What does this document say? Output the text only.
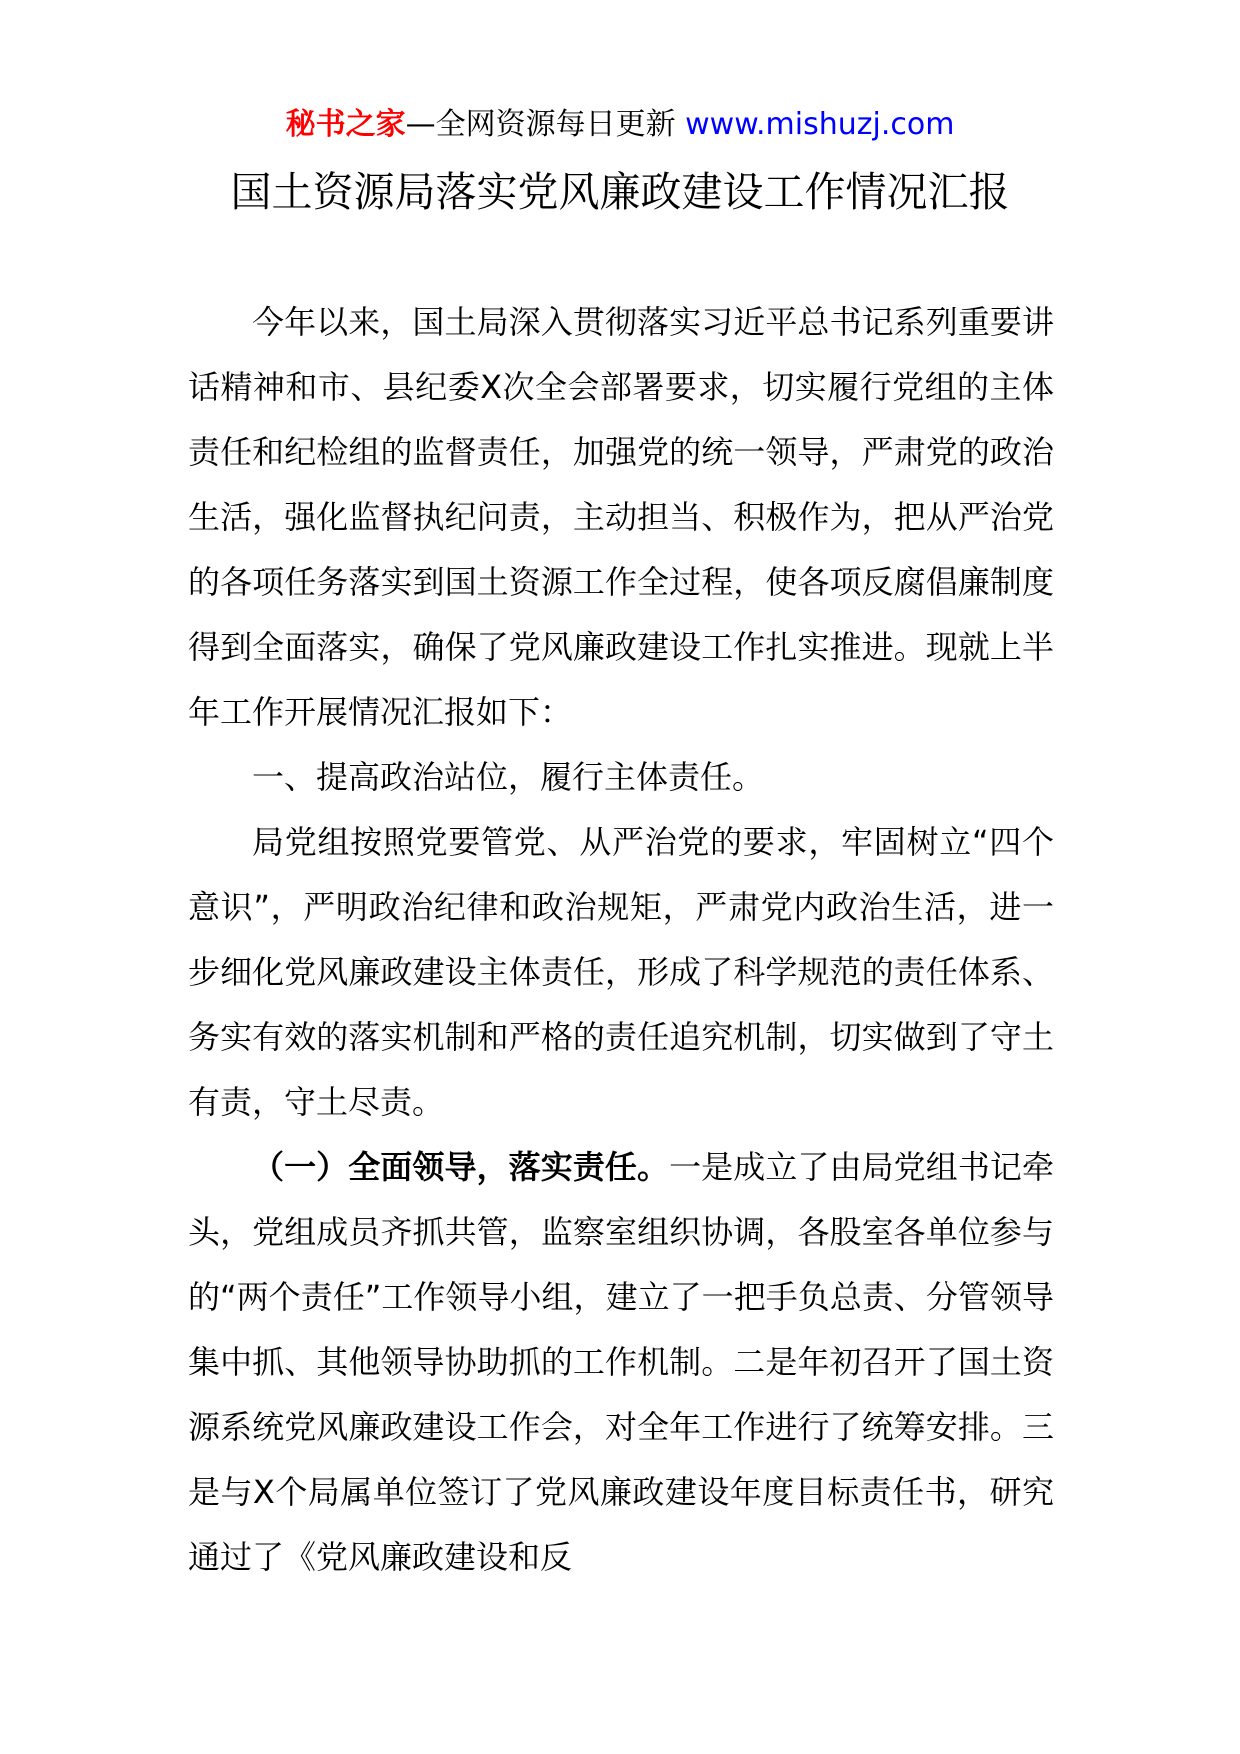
秘书之家—全网资源每日更新 www.mishuzj.com
国土资源局落实党风廉政建设工作情况汇报

今年以来，国土局深入贯彻落实习近平总书记系列重要讲话精神和市、县纪委X次全会部署要求，切实履行党组的主体责任和纪检组的监督责任，加强党的统一领导，严肃党的政治生活，强化监督执纪问责，主动担当、积极作为，把从严治党的各项任务落实到国土资源工作全过程，使各项反腐倡廉制度得到全面落实，确保了党风廉政建设工作扎实推进。现就上半年工作开展情况汇报如下：

一、提高政治站位，履行主体责任。

局党组按照党要管党、从严治党的要求，牢固树立“四个意识”，严明政治纪律和政治规矩，严肃党内政治生活，进一步细化党风廉政建设主体责任，形成了科学规范的责任体系、务实有效的落实机制和严格的责任追究机制，切实做到了守土有责，守土尽责。

（一）全面领导，落实责任。一是成立了由局党组书记牵头，党组成员齐抓共管，监察室组织协调，各股室各单位参与的“两个责任”工作领导小组，建立了一把手负总责、分管领导集中抓、其他领导协助抓的工作机制。二是年初召开了国土资源系统党风廉政建设工作会，对全年工作进行了统筹安排。三是与X个局属单位签订了党风廉政建设年度目标责任书，研究通过了《党风廉政建设和反
